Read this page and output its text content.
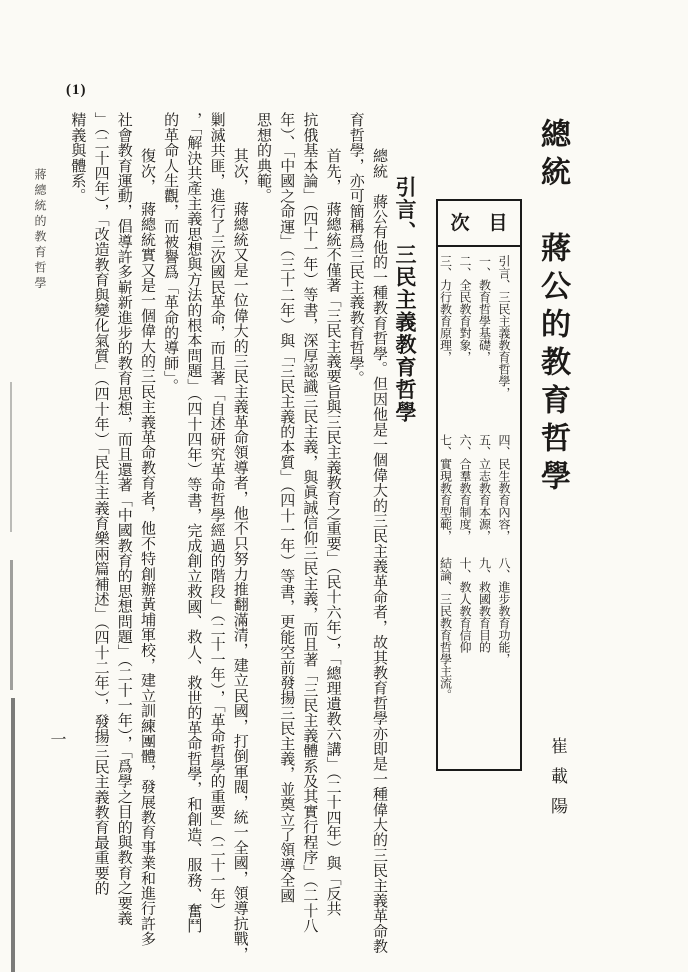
(1)
蔣總統的教育哲學
一
總統　蔣公的教育哲學
崔載陽
目　次
引言、三民主義教育哲學，
一、教育哲學基礎，
二、全民教育對象，
三、力行教育原理，
四、民生教育內容，
五、立志教育本源，
六、合羣教育制度，
七、實現教育型範，
八、進步教育功能，
九、救國教育目的
十、教人教育信仰
結論、三民教育哲學主流。
引言、三民主義教育哲學
總統　蔣公有他的一種教育哲學。但因他是一個偉大的三民主義革命者，故其教育哲學亦即是一種偉大的三民主義革命教
育哲學，亦可簡稱爲三民主義教育哲學。
首先，　蔣總統不僅著「三民主義要旨與三民主義教育之重要」（民十六年），「總理遺教六講」（二十四年）與「反共
抗俄基本論」（四十一年）等書，深厚認識三民主義，與眞誠信仰三民主義，而且著「三民主義體系及其實行程序」（二十八
年）、「中國之命運」（三十二年）與「三民主義的本質」（四十一年）等書，更能空前發揚三民主義，並奠立了領導全國
思想的典範。
其次，　蔣總統又是一位偉大的三民主義革命領導者，他不只努力推翻滿清，建立民國，打倒軍閥，統一全國，領導抗戰，
剿滅共匪，進行了三次國民革命，而且著「自述研究革命哲學經過的階段」（二十一年），「革命哲學的重要」（二十一年）
，「解決共產主義思想與方法的根本問題」（四十四年）等書，完成創立救國、救人、救世的革命哲學，和創造、服務、奮鬥
的革命人生觀，而被譽爲「革命的導師」。
復次，　蔣總統實又是一個偉大的三民主義革命教育者，他不特創辦黃埔軍校，建立訓練團體，發展教育事業和進行許多
社會教育運動，倡導許多嶄新進步的教育思想，而且還著「中國教育的思想問題」（二十一年），「爲學之目的與教育之要義
」（二十四年），「改造教育與變化氣質」（四十年）「民生主義育樂兩篇補述」（四十二年），發揚三民主義教育最重要的
精義與體系。
